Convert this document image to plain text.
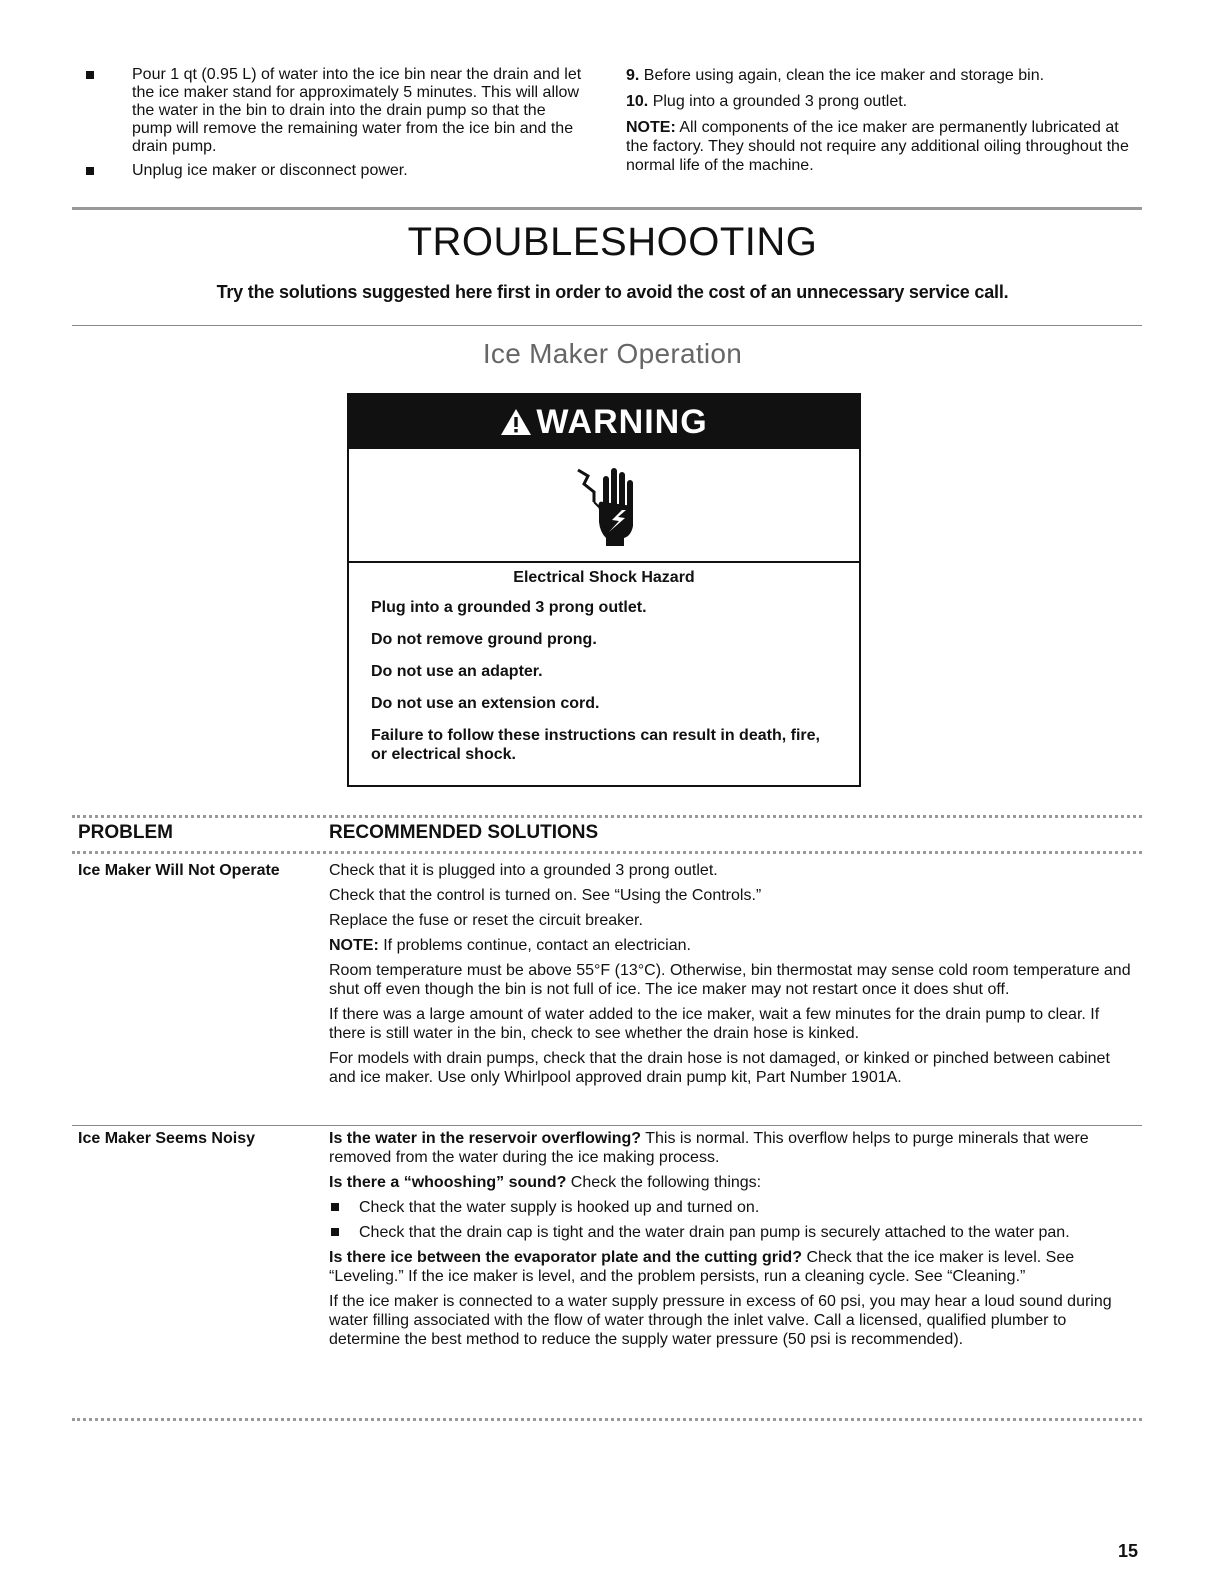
Pour 1 qt (0.95 L) of water into the ice bin near the drain and let the ice maker stand for approximately 5 minutes. This will allow the water in the bin to drain into the drain pump so that the pump will remove the remaining water from the ice bin and the drain pump.
Unplug ice maker or disconnect power.
9. Before using again, clean the ice maker and storage bin.
10. Plug into a grounded 3 prong outlet.

NOTE: All components of the ice maker are permanently lubricated at the factory. They should not require any additional oiling throughout the normal life of the machine.

TROUBLESHOOTING
Try the solutions suggested here first in order to avoid the cost of an unnecessary service call.
Ice Maker Operation
WARNING

Electrical Shock Hazard

Plug into a grounded 3 prong outlet.

Do not remove ground prong.

Do not use an adapter.

Do not use an extension cord.

Failure to follow these instructions can result in death, fire, or electrical shock.

PROBLEM	RECOMMENDED SOLUTIONS
Ice Maker Will Not Operate	Check that it is plugged into a grounded 3 prong outlet.

Check that the control is turned on. See “Using the Controls.”

Replace the fuse or reset the circuit breaker.

NOTE: If problems continue, contact an electrician.

Room temperature must be above 55°F (13°C). Otherwise, bin thermostat may sense cold room temperature and shut off even though the bin is not full of ice. The ice maker may not restart once it does shut off.

If there was a large amount of water added to the ice maker, wait a few minutes for the drain pump to clear. If there is still water in the bin, check to see whether the drain hose is kinked.

For models with drain pumps, check that the drain hose is not damaged, or kinked or pinched between cabinet and ice maker. Use only Whirlpool approved drain pump kit, Part Number 1901A.

Ice Maker Seems Noisy	Is the water in the reservoir overflowing? This is normal. This overflow helps to purge minerals that were removed from the water during the ice making process.

Is there a “whooshing” sound? Check the following things:

Check that the water supply is hooked up and turned on.
Check that the drain cap is tight and the water drain pan pump is securely attached to the water pan.

Is there ice between the evaporator plate and the cutting grid? Check that the ice maker is level. See “Leveling.” If the ice maker is level, and the problem persists, run a cleaning cycle. See “Cleaning.”

If the ice maker is connected to a water supply pressure in excess of 60 psi, you may hear a loud sound during water filling associated with the flow of water through the inlet valve. Call a licensed, qualified plumber to determine the best method to reduce the supply water pressure (50 psi is recommended).

15
